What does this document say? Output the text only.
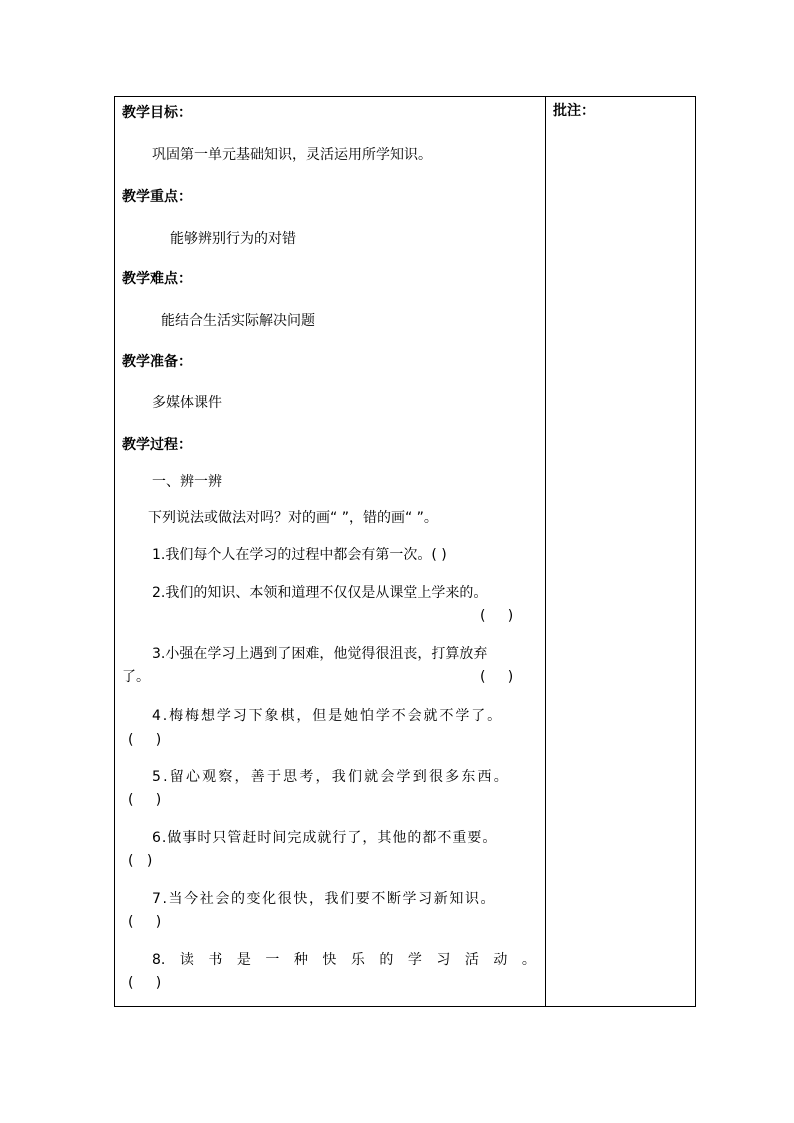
教学目标：
巩固第一单元基础知识，灵活运用所学知识。
教学重点：
能够辨别行为的对错
教学难点：
能结合生活实际解决问题
教学准备：
多媒体课件
教学过程：
一、辨一辨
下列说法或做法对吗？对的画“ ”，错的画“ ”。
1.我们每个人在学习的过程中都会有第一次。( )
2.我们的知识、本领和道理不仅仅是从课堂上学来的。
(     )
3.小强在学习上遇到了困难，他觉得很沮丧，打算放弃
了。	(     )
4.梅梅想学习下象棋，但是她怕学不会就不学了。
(     )
5.留心观察，善于思考，我们就会学到很多东西。
(     )
6.做事时只管赶时间完成就行了，其他的都不重要。
(   )
7.当今社会的变化很快，我们要不断学习新知识。
(     )
8. 读 书 是 一 种 快 乐 的 学 习 活 动 。
(     )
批注：
